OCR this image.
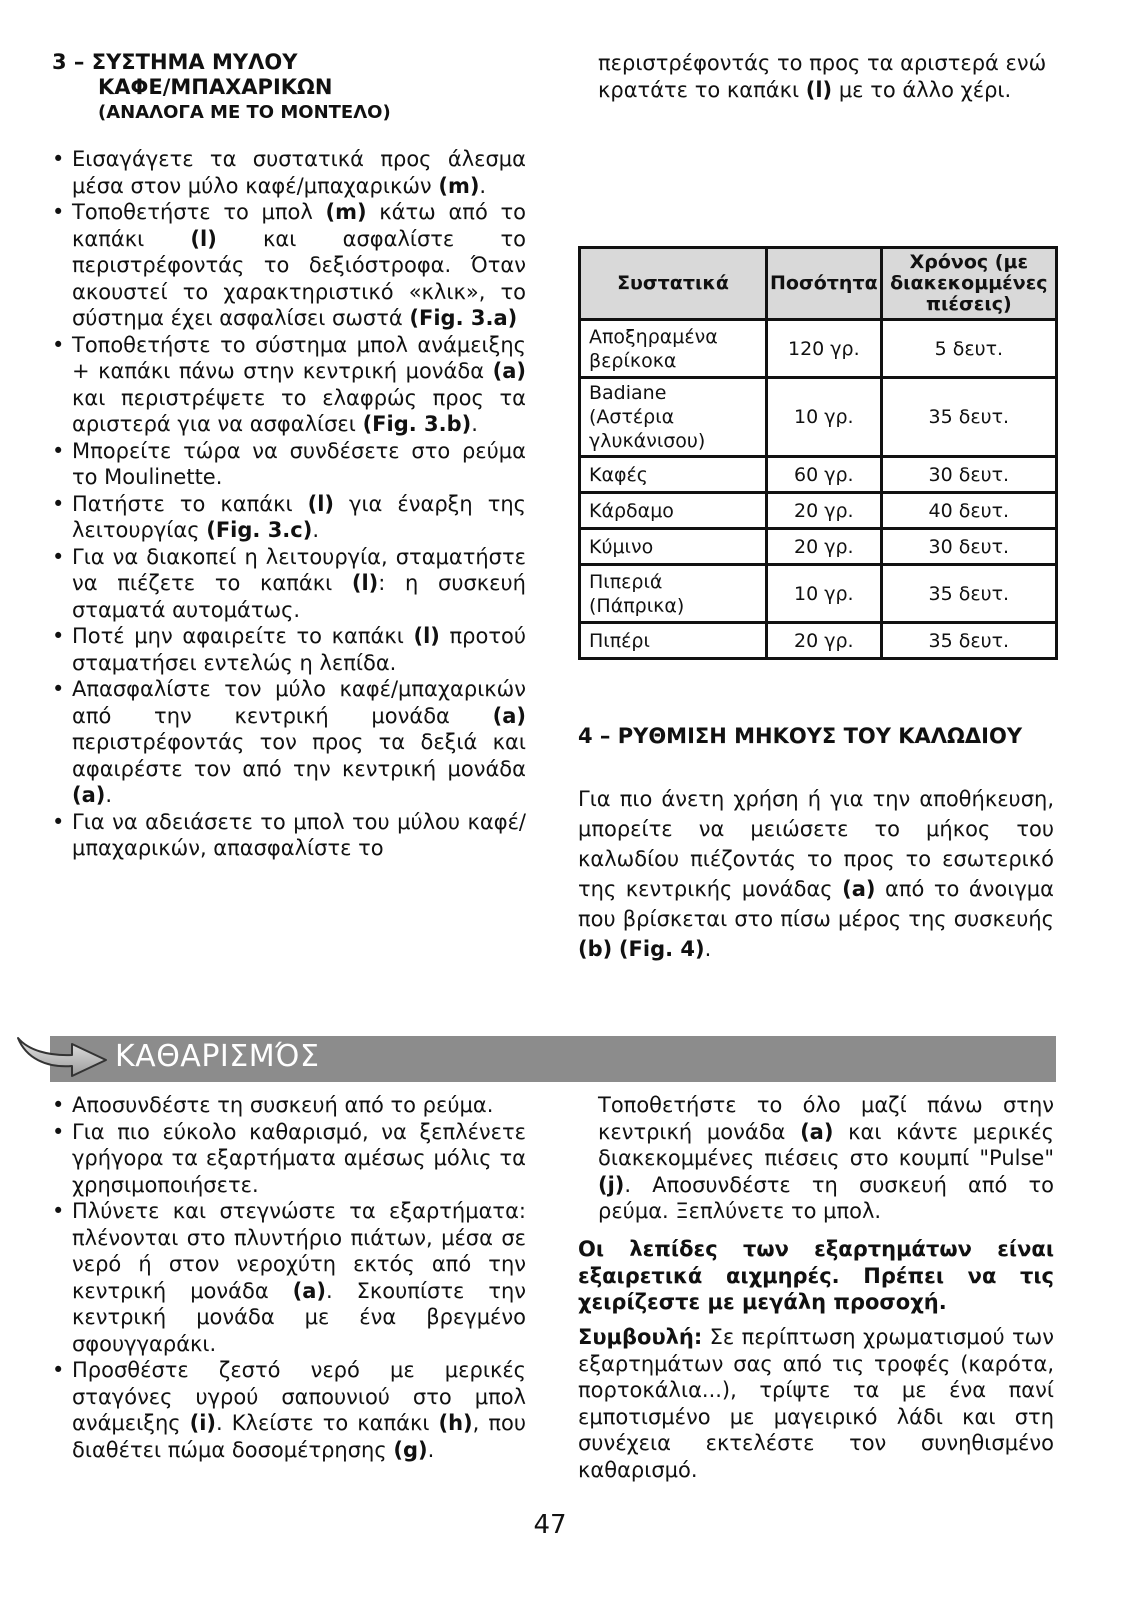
3 – ΣΥΣΤΗΜΑ ΜΥΛΟΥ
ΚΑΦΕ/ΜΠΑΧΑΡΙΚΩΝ
(ΑΝΑΛΟΓΑ ΜΕ ΤΟ ΜΟΝΤΕΛΟ)
• Εισαγάγετε τα συστατικά προς άλεσμα μέσα στον μύλο καφέ/μπαχαρικών (m).
• Τοποθετήστε το μπολ (m) κάτω από το καπάκι (l) και ασφαλίστε το περιστρέφοντάς το δεξιόστροφα. Όταν ακουστεί το χαρακτηριστικό «κλικ», το σύστημα έχει ασφαλίσει σωστά (Fig. 3.a)
• Τοποθετήστε το σύστημα μπολ ανάμειξης + καπάκι πάνω στην κεντρική μονάδα (a) και περιστρέψετε το ελαφρώς προς τα αριστερά για να ασφαλίσει (Fig. 3.b).
• Μπορείτε τώρα να συνδέσετε στο ρεύμα το Moulinette.
• Πατήστε το καπάκι (l) για έναρξη της λειτουργίας (Fig. 3.c).
• Για να διακοπεί η λειτουργία, σταματήστε να πιέζετε το καπάκι (l): η συσκευή σταματά αυτομάτως.
• Ποτέ μην αφαιρείτε το καπάκι (l) προτού σταματήσει εντελώς η λεπίδα.
• Απασφαλίστε τον μύλο καφέ/μπαχαρικών από την κεντρική μονάδα (a) περιστρέφοντάς τον προς τα δεξιά και αφαιρέστε τον από την κεντρική μονάδα (a).
• Για να αδειάσετε το μπολ του μύλου καφέ/μπαχαρικών, απασφαλίστε το

περιστρέφοντάς το προς τα αριστερά ενώ κρατάτε το καπάκι (l) με το άλλο χέρι.

Συστατικά	Ποσότητα	Χρόνος (με διακεκομμένες πιέσεις)
Αποξηραμένα βερίκοκα	120 γρ.	5 δευτ.
Badiane (Αστέρια γλυκάνισου)	10 γρ.	35 δευτ.
Καφές	60 γρ.	30 δευτ.
Κάρδαμο	20 γρ.	40 δευτ.
Κύμινο	20 γρ.	30 δευτ.
Πιπεριά (Πάπρικα)	10 γρ.	35 δευτ.
Πιπέρι	20 γρ.	35 δευτ.
4 – ΡΥΘΜΙΣΗ ΜΗΚΟΥΣ ΤΟΥ ΚΑΛΩΔΙΟΥ

Για πιο άνετη χρήση ή για την αποθήκευση, μπορείτε να μειώσετε το μήκος του καλωδίου πιέζοντάς το προς το εσωτερικό της κεντρικής μονάδας (a) από το άνοιγμα που βρίσκεται στο πίσω μέρος της συσκευής (b) (Fig. 4).

ΚΑΘΑΡΙΣΜΌΣ
• Αποσυνδέστε τη συσκευή από το ρεύμα.
• Για πιο εύκολο καθαρισμό, να ξεπλένετε γρήγορα τα εξαρτήματα αμέσως μόλις τα χρησιμοποιήσετε.
• Πλύνετε και στεγνώστε τα εξαρτήματα: πλένονται στο πλυντήριο πιάτων, μέσα σε νερό ή στον νεροχύτη εκτός από την κεντρική μονάδα (a). Σκουπίστε την κεντρική μονάδα με ένα βρεγμένο σφουγγαράκι.
• Προσθέστε ζεστό νερό με μερικές σταγόνες υγρού σαπουνιού στο μπολ ανάμειξης (i). Κλείστε το καπάκι (h), που διαθέτει πώμα δοσομέτρησης (g).

Τοποθετήστε το όλο μαζί πάνω στην κεντρική μονάδα (a) και κάντε μερικές διακεκομμένες πιέσεις στο κουμπί "Pulse" (j). Αποσυνδέστε τη συσκευή από το ρεύμα. Ξεπλύνετε το μπολ.

Οι λεπίδες των εξαρτημάτων είναι εξαιρετικά αιχμηρές. Πρέπει να τις χειρίζεστε με μεγάλη προσοχή.

Συμβουλή: Σε περίπτωση χρωματισμού των εξαρτημάτων σας από τις τροφές (καρότα, πορτοκάλια...), τρίψτε τα με ένα πανί εμποτισμένο με μαγειρικό λάδι και στη συνέχεια εκτελέστε τον συνηθισμένο καθαρισμό.

47
